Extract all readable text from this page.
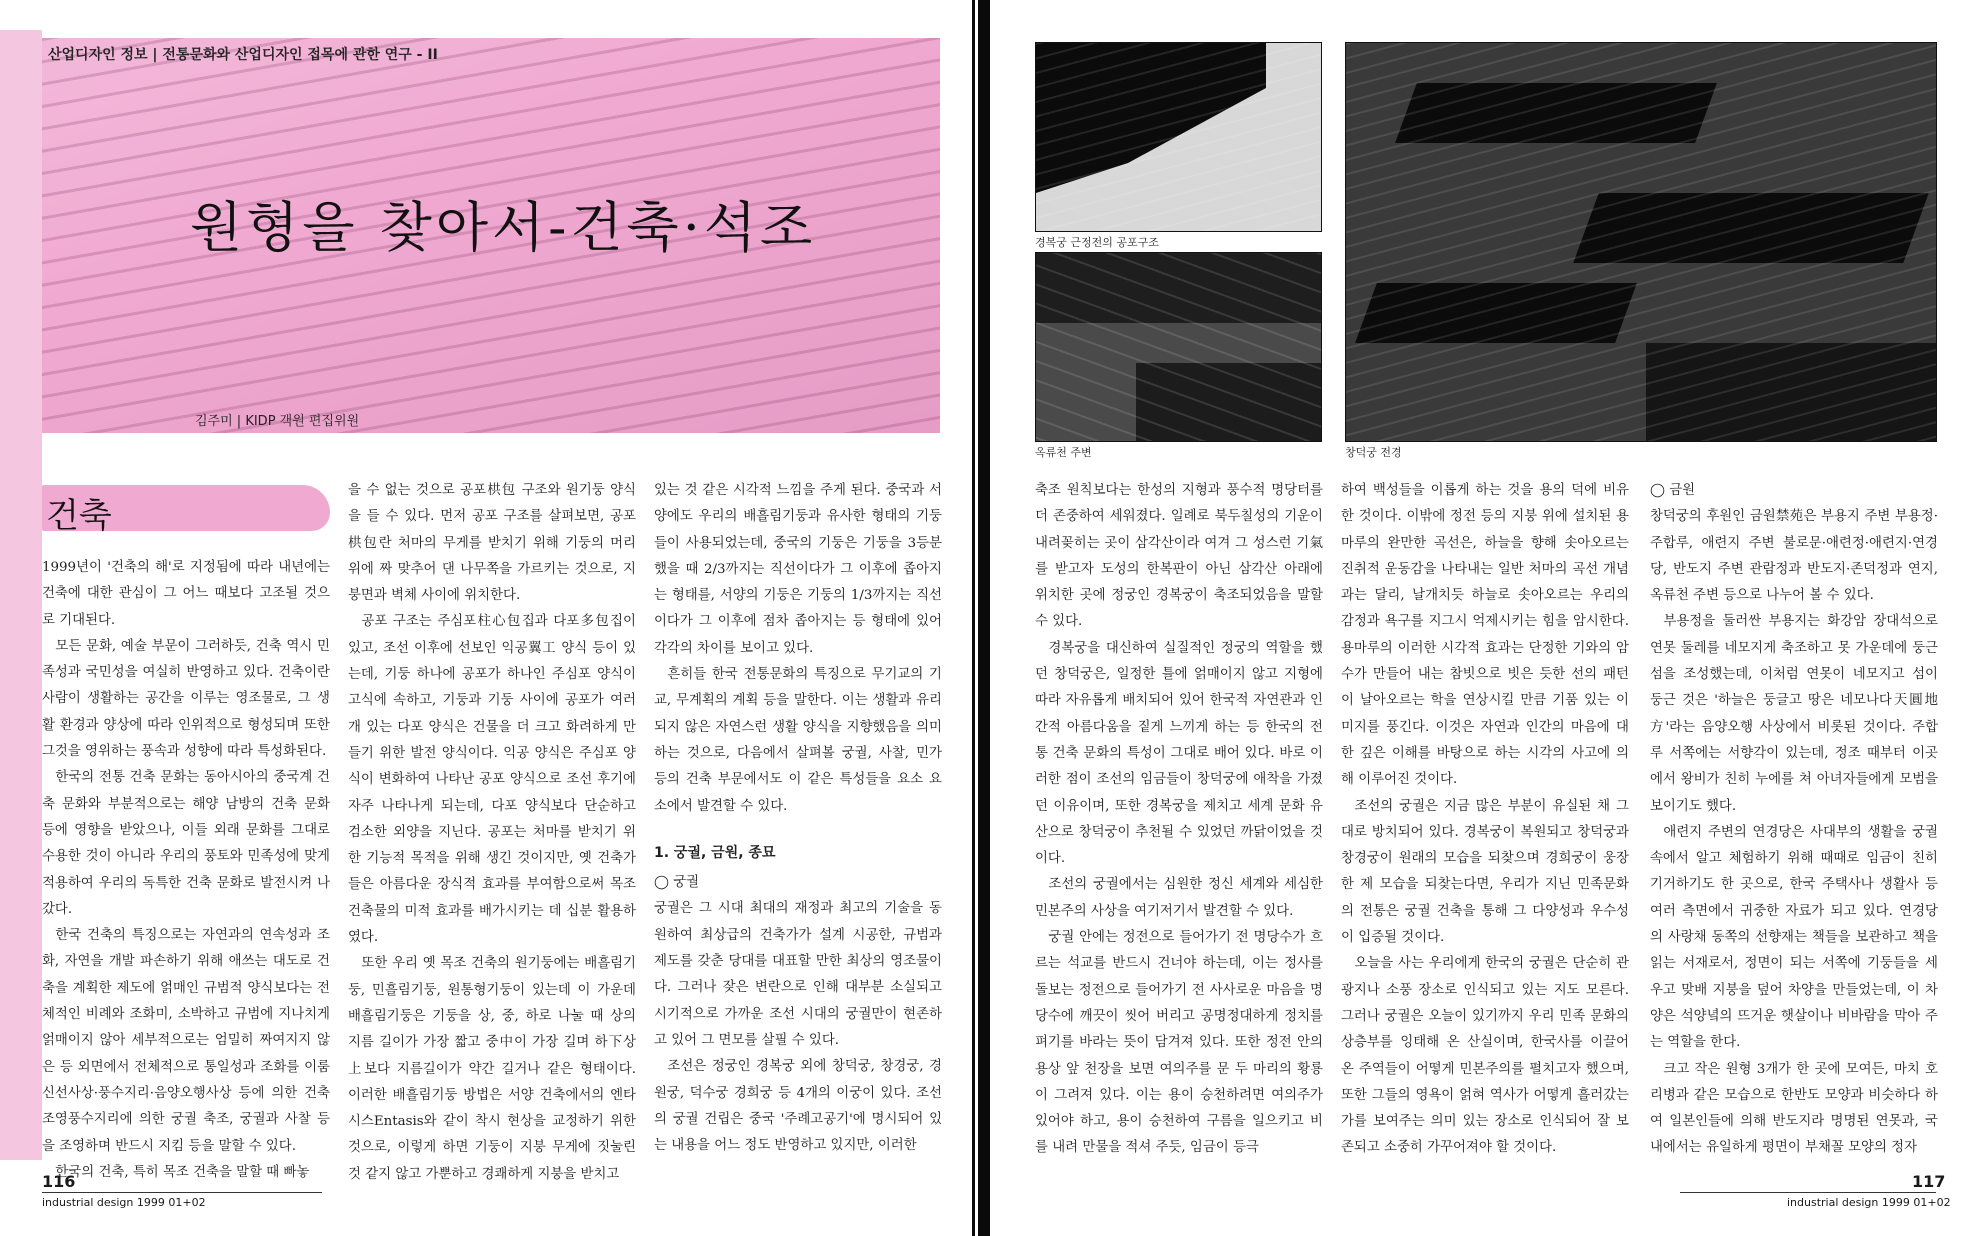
산업디자인 정보 | 전통문화와 산업디자인 접목에 관한 연구 - II
원형을 찾아서-건축·석조
김주미 | KIDP 객원 편집위원
건축

1999년이 '건축의 해'로 지정됨에 따라 내년에는 건축에 대한 관심이 그 어느 때보다 고조될 것으로 기대된다.

모든 문화, 예술 부문이 그러하듯, 건축 역시 민족성과 국민성을 여실히 반영하고 있다. 건축이란 사람이 생활하는 공간을 이루는 영조물로, 그 생활 환경과 양상에 따라 인위적으로 형성되며 또한 그것을 영위하는 풍속과 성향에 따라 특성화된다.

한국의 전통 건축 문화는 동아시아의 중국계 건축 문화와 부분적으로는 해양 남방의 건축 문화 등에 영향을 받았으나, 이들 외래 문화를 그대로 수용한 것이 아니라 우리의 풍토와 민족성에 맞게 적용하여 우리의 독특한 건축 문화로 발전시켜 나갔다.

한국 건축의 특징으로는 자연과의 연속성과 조화, 자연을 개발 파손하기 위해 애쓰는 대도로 건축을 계획한 제도에 얽매인 규범적 양식보다는 전체적인 비례와 조화미, 소박하고 규범에 지나치게 얽매이지 않아 세부적으로는 엄밀히 짜여지지 않은 등 외면에서 전체적으로 통일성과 조화를 이룸 신선사상·풍수지리·음양오행사상 등에 의한 건축 조영풍수지리에 의한 궁궐 축조, 궁궐과 사찰 등을 조영하며 반드시 지킴 등을 말할 수 있다.

한국의 건축, 특히 목조 건축을 말할 때 빠놓

을 수 없는 것으로 공포栱包 구조와 원기둥 양식을 들 수 있다. 먼저 공포 구조를 살펴보면, 공포栱包란 처마의 무게를 받치기 위해 기둥의 머리 위에 짜 맞추어 댄 나무쪽을 가르키는 것으로, 지붕면과 벽체 사이에 위치한다.

공포 구조는 주심포柱心包집과 다포多包집이 있고, 조선 이후에 선보인 익공翼工 양식 등이 있는데, 기둥 하나에 공포가 하나인 주심포 양식이 고식에 속하고, 기둥과 기둥 사이에 공포가 여러 개 있는 다포 양식은 건물을 더 크고 화려하게 만들기 위한 발전 양식이다. 익공 양식은 주심포 양식이 변화하여 나타난 공포 양식으로 조선 후기에 자주 나타나게 되는데, 다포 양식보다 단순하고 검소한 외양을 지닌다. 공포는 처마를 받치기 위한 기능적 목적을 위해 생긴 것이지만, 옛 건축가들은 아름다운 장식적 효과를 부여함으로써 목조 건축물의 미적 효과를 배가시키는 데 십분 활용하였다.

또한 우리 옛 목조 건축의 원기둥에는 배흘림기둥, 민흘림기둥, 원통형기둥이 있는데 이 가운데 배흘림기둥은 기둥을 상, 중, 하로 나눌 때 상의 지름 길이가 가장 짧고 중中이 가장 길며 하下상上보다 지름길이가 약간 길거나 같은 형태이다. 이러한 배흘림기둥 방법은 서양 건축에서의 엔타시스Entasis와 같이 착시 현상을 교정하기 위한 것으로, 이렇게 하면 기둥이 지붕 무게에 짓눌린 것 같지 않고 가뿐하고 경쾌하게 지붕을 받치고

있는 것 같은 시각적 느낌을 주게 된다. 중국과 서양에도 우리의 배흘림기둥과 유사한 형태의 기둥들이 사용되었는데, 중국의 기둥은 기둥을 3등분했을 때 2/3까지는 직선이다가 그 이후에 좁아지는 형태를, 서양의 기둥은 기둥의 1/3까지는 직선이다가 그 이후에 점차 좁아지는 등 형태에 있어 각각의 차이를 보이고 있다.

흔히들 한국 전통문화의 특징으로 무기교의 기교, 무계획의 계획 등을 말한다. 이는 생활과 유리되지 않은 자연스런 생활 양식을 지향했음을 의미하는 것으로, 다음에서 살펴볼 궁궐, 사찰, 민가 등의 건축 부문에서도 이 같은 특성들을 요소 요소에서 발견할 수 있다.

1. 궁궐, 금원, 종묘
◯ 궁궐

궁궐은 그 시대 최대의 재정과 최고의 기술을 동원하여 최상급의 건축가가 설계 시공한, 규범과 제도를 갖춘 당대를 대표할 만한 최상의 영조물이다. 그러나 잦은 변란으로 인해 대부분 소실되고 시기적으로 가까운 조선 시대의 궁궐만이 현존하고 있어 그 면모를 살필 수 있다.

조선은 정궁인 경복궁 외에 창덕궁, 창경궁, 경원궁, 덕수궁 경희궁 등 4개의 이궁이 있다. 조선의 궁궐 건립은 중국 '주례고공기'에 명시되어 있는 내용을 어느 정도 반영하고 있지만, 이러한

116
industrial design 1999 01+02
경복궁 근정전의 공포구조
옥류천 주변	창덕궁 전경

축조 원칙보다는 한성의 지형과 풍수적 명당터를 더 존중하여 세워졌다. 일례로 북두칠성의 기운이 내려꽂히는 곳이 삼각산이라 여겨 그 성스런 기氣를 받고자 도성의 한복판이 아닌 삼각산 아래에 위치한 곳에 정궁인 경복궁이 축조되었음을 말할 수 있다.

경복궁을 대신하여 실질적인 정궁의 역할을 했던 창덕궁은, 일정한 틀에 얽매이지 않고 지형에 따라 자유롭게 배치되어 있어 한국적 자연관과 인간적 아름다움을 짙게 느끼게 하는 등 한국의 전통 건축 문화의 특성이 그대로 배어 있다. 바로 이러한 점이 조선의 임금들이 창덕궁에 애착을 가졌던 이유이며, 또한 경복궁을 제치고 세계 문화 유산으로 창덕궁이 추천될 수 있었던 까닭이었을 것이다.

조선의 궁궐에서는 심원한 정신 세계와 세심한 민본주의 사상을 여기저기서 발견할 수 있다.

궁궐 안에는 정전으로 들어가기 전 명당수가 흐르는 석교를 반드시 건너야 하는데, 이는 정사를 돌보는 정전으로 들어가기 전 사사로운 마음을 명당수에 깨끗이 씻어 버리고 공명정대하게 정치를 펴기를 바라는 뜻이 담겨져 있다. 또한 정전 안의 용상 앞 천장을 보면 여의주를 문 두 마리의 황룡이 그려져 있다. 이는 용이 승천하려면 여의주가 있어야 하고, 용이 승천하여 구름을 일으키고 비를 내려 만물을 적셔 주듯, 임금이 등극

하여 백성들을 이롭게 하는 것을 용의 덕에 비유한 것이다. 이밖에 정전 등의 지붕 위에 설치된 용마루의 완만한 곡선은, 하늘을 향해 솟아오르는 진취적 운동감을 나타내는 일반 처마의 곡선 개념과는 달리, 날개치듯 하늘로 솟아오르는 우리의 감정과 욕구를 지그시 억제시키는 힘을 암시한다. 용마루의 이러한 시각적 효과는 단정한 기와의 암수가 만들어 내는 참빗으로 빗은 듯한 선의 패턴이 날아오르는 학을 연상시킬 만큼 기품 있는 이미지를 풍긴다. 이것은 자연과 인간의 마음에 대한 깊은 이해를 바탕으로 하는 시각의 사고에 의해 이루어진 것이다.

조선의 궁궐은 지금 많은 부분이 유실된 채 그대로 방치되어 있다. 경복궁이 복원되고 창덕궁과 창경궁이 원래의 모습을 되찾으며 경희궁이 웅장한 제 모습을 되찾는다면, 우리가 지닌 민족문화의 전통은 궁궐 건축을 통해 그 다양성과 우수성이 입증될 것이다.

오늘을 사는 우리에게 한국의 궁궐은 단순히 관광지나 소풍 장소로 인식되고 있는 지도 모른다. 그러나 궁궐은 오늘이 있기까지 우리 민족 문화의 상층부를 잉태해 온 산실이며, 한국사를 이끌어 온 주역들이 어떻게 민본주의를 펼치고자 했으며, 또한 그들의 영욕이 얽혀 역사가 어떻게 흘러갔는가를 보여주는 의미 있는 장소로 인식되어 잘 보존되고 소중히 가꾸어져야 할 것이다.

◯ 금원

창덕궁의 후원인 금원禁苑은 부용지 주변 부용정·주합루, 애련지 주변 불로문·애련정·애련지·연경당, 반도지 주변 관람정과 반도지·존덕정과 연지, 옥류천 주변 등으로 나누어 볼 수 있다.

부용정을 둘러싼 부용지는 화강암 장대석으로 연못 둘레를 네모지게 축조하고 못 가운데에 둥근 섬을 조성했는데, 이처럼 연못이 네모지고 섬이 둥근 것은 '하늘은 둥글고 땅은 네모나다天圓地方'라는 음양오행 사상에서 비롯된 것이다. 주합루 서쪽에는 서향각이 있는데, 정조 때부터 이곳에서 왕비가 친히 누에를 쳐 아녀자들에게 모범을 보이기도 했다.

애련지 주변의 연경당은 사대부의 생활을 궁궐 속에서 알고 체험하기 위해 때때로 임금이 친히 기거하기도 한 곳으로, 한국 주택사나 생활사 등 여러 측면에서 귀중한 자료가 되고 있다. 연경당의 사랑채 동쪽의 선향재는 책들을 보관하고 책을 읽는 서재로서, 정면이 되는 서쪽에 기둥들을 세우고 맞배 지붕을 덮어 차양을 만들었는데, 이 차양은 석양녘의 뜨거운 햇살이나 비바람을 막아 주는 역할을 한다.

크고 작은 원형 3개가 한 곳에 모여든, 마치 호리병과 같은 모습으로 한반도 모양과 비슷하다 하여 일본인들에 의해 반도지라 명명된 연못과, 국내에서는 유일하게 평면이 부채꼴 모양의 정자

117
industrial design 1999 01+02
